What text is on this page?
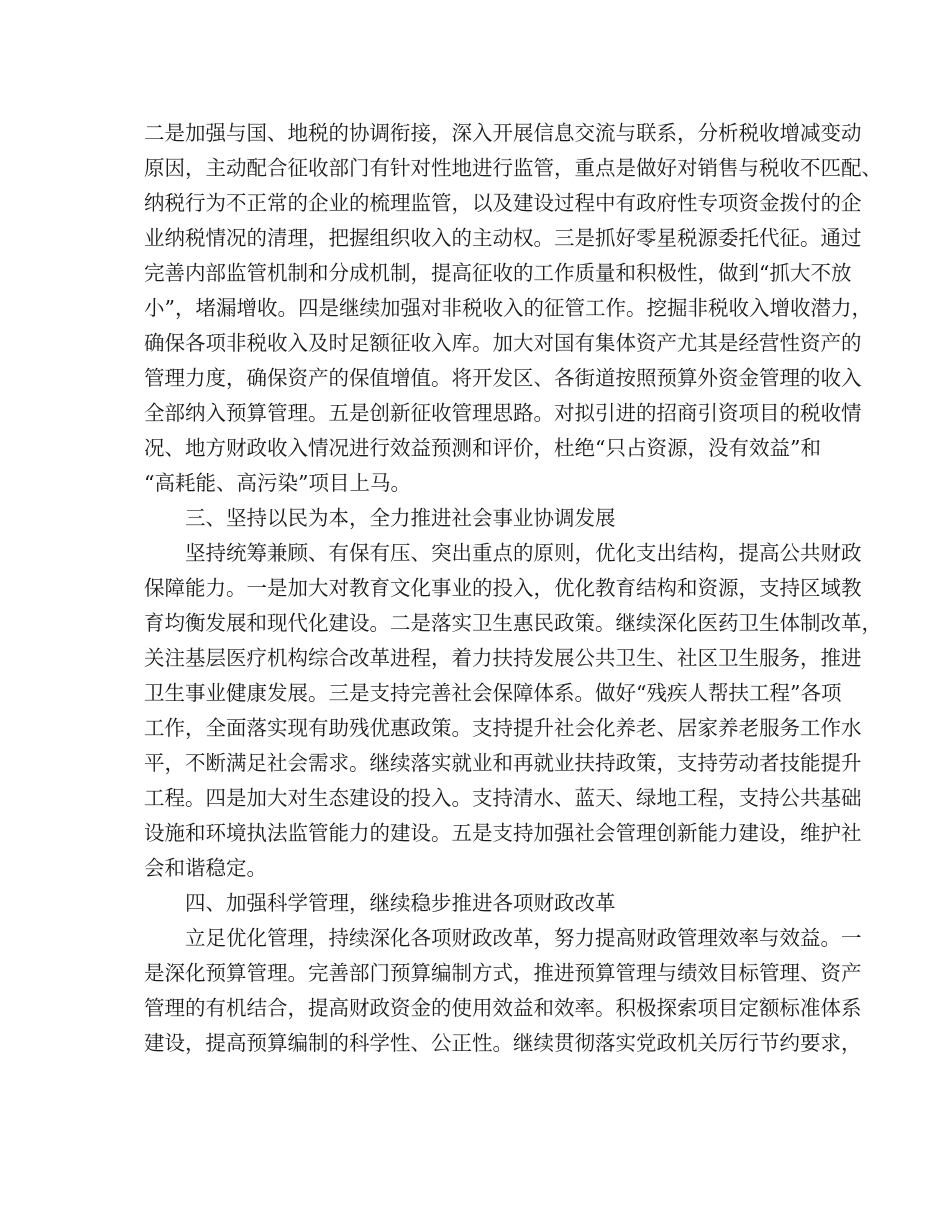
二是加强与国、地税的协调衔接，深入开展信息交流与联系，分析税收增减变动
原因，主动配合征收部门有针对性地进行监管，重点是做好对销售与税收不匹配、
纳税行为不正常的企业的梳理监管，以及建设过程中有政府性专项资金拨付的企
业纳税情况的清理，把握组织收入的主动权。三是抓好零星税源委托代征。通过
完善内部监管机制和分成机制，提高征收的工作质量和积极性，做到“抓大不放
小”，堵漏增收。四是继续加强对非税收入的征管工作。挖掘非税收入增收潜力，
确保各项非税收入及时足额征收入库。加大对国有集体资产尤其是经营性资产的
管理力度，确保资产的保值增值。将开发区、各街道按照预算外资金管理的收入
全部纳入预算管理。五是创新征收管理思路。对拟引进的招商引资项目的税收情
况、地方财政收入情况进行效益预测和评价，杜绝“只占资源，没有效益”和
“高耗能、高污染”项目上马。
　　三、坚持以民为本，全力推进社会事业协调发展
　　坚持统筹兼顾、有保有压、突出重点的原则，优化支出结构，提高公共财政
保障能力。一是加大对教育文化事业的投入，优化教育结构和资源，支持区域教
育均衡发展和现代化建设。二是落实卫生惠民政策。继续深化医药卫生体制改革，
关注基层医疗机构综合改革进程，着力扶持发展公共卫生、社区卫生服务，推进
卫生事业健康发展。三是支持完善社会保障体系。做好“残疾人帮扶工程”各项
工作，全面落实现有助残优惠政策。支持提升社会化养老、居家养老服务工作水
平，不断满足社会需求。继续落实就业和再就业扶持政策，支持劳动者技能提升
工程。四是加大对生态建设的投入。支持清水、蓝天、绿地工程，支持公共基础
设施和环境执法监管能力的建设。五是支持加强社会管理创新能力建设，维护社
会和谐稳定。
　　四、加强科学管理，继续稳步推进各项财政改革
　　立足优化管理，持续深化各项财政改革，努力提高财政管理效率与效益。一
是深化预算管理。完善部门预算编制方式，推进预算管理与绩效目标管理、资产
管理的有机结合，提高财政资金的使用效益和效率。积极探索项目定额标准体系
建设，提高预算编制的科学性、公正性。继续贯彻落实党政机关厉行节约要求，
